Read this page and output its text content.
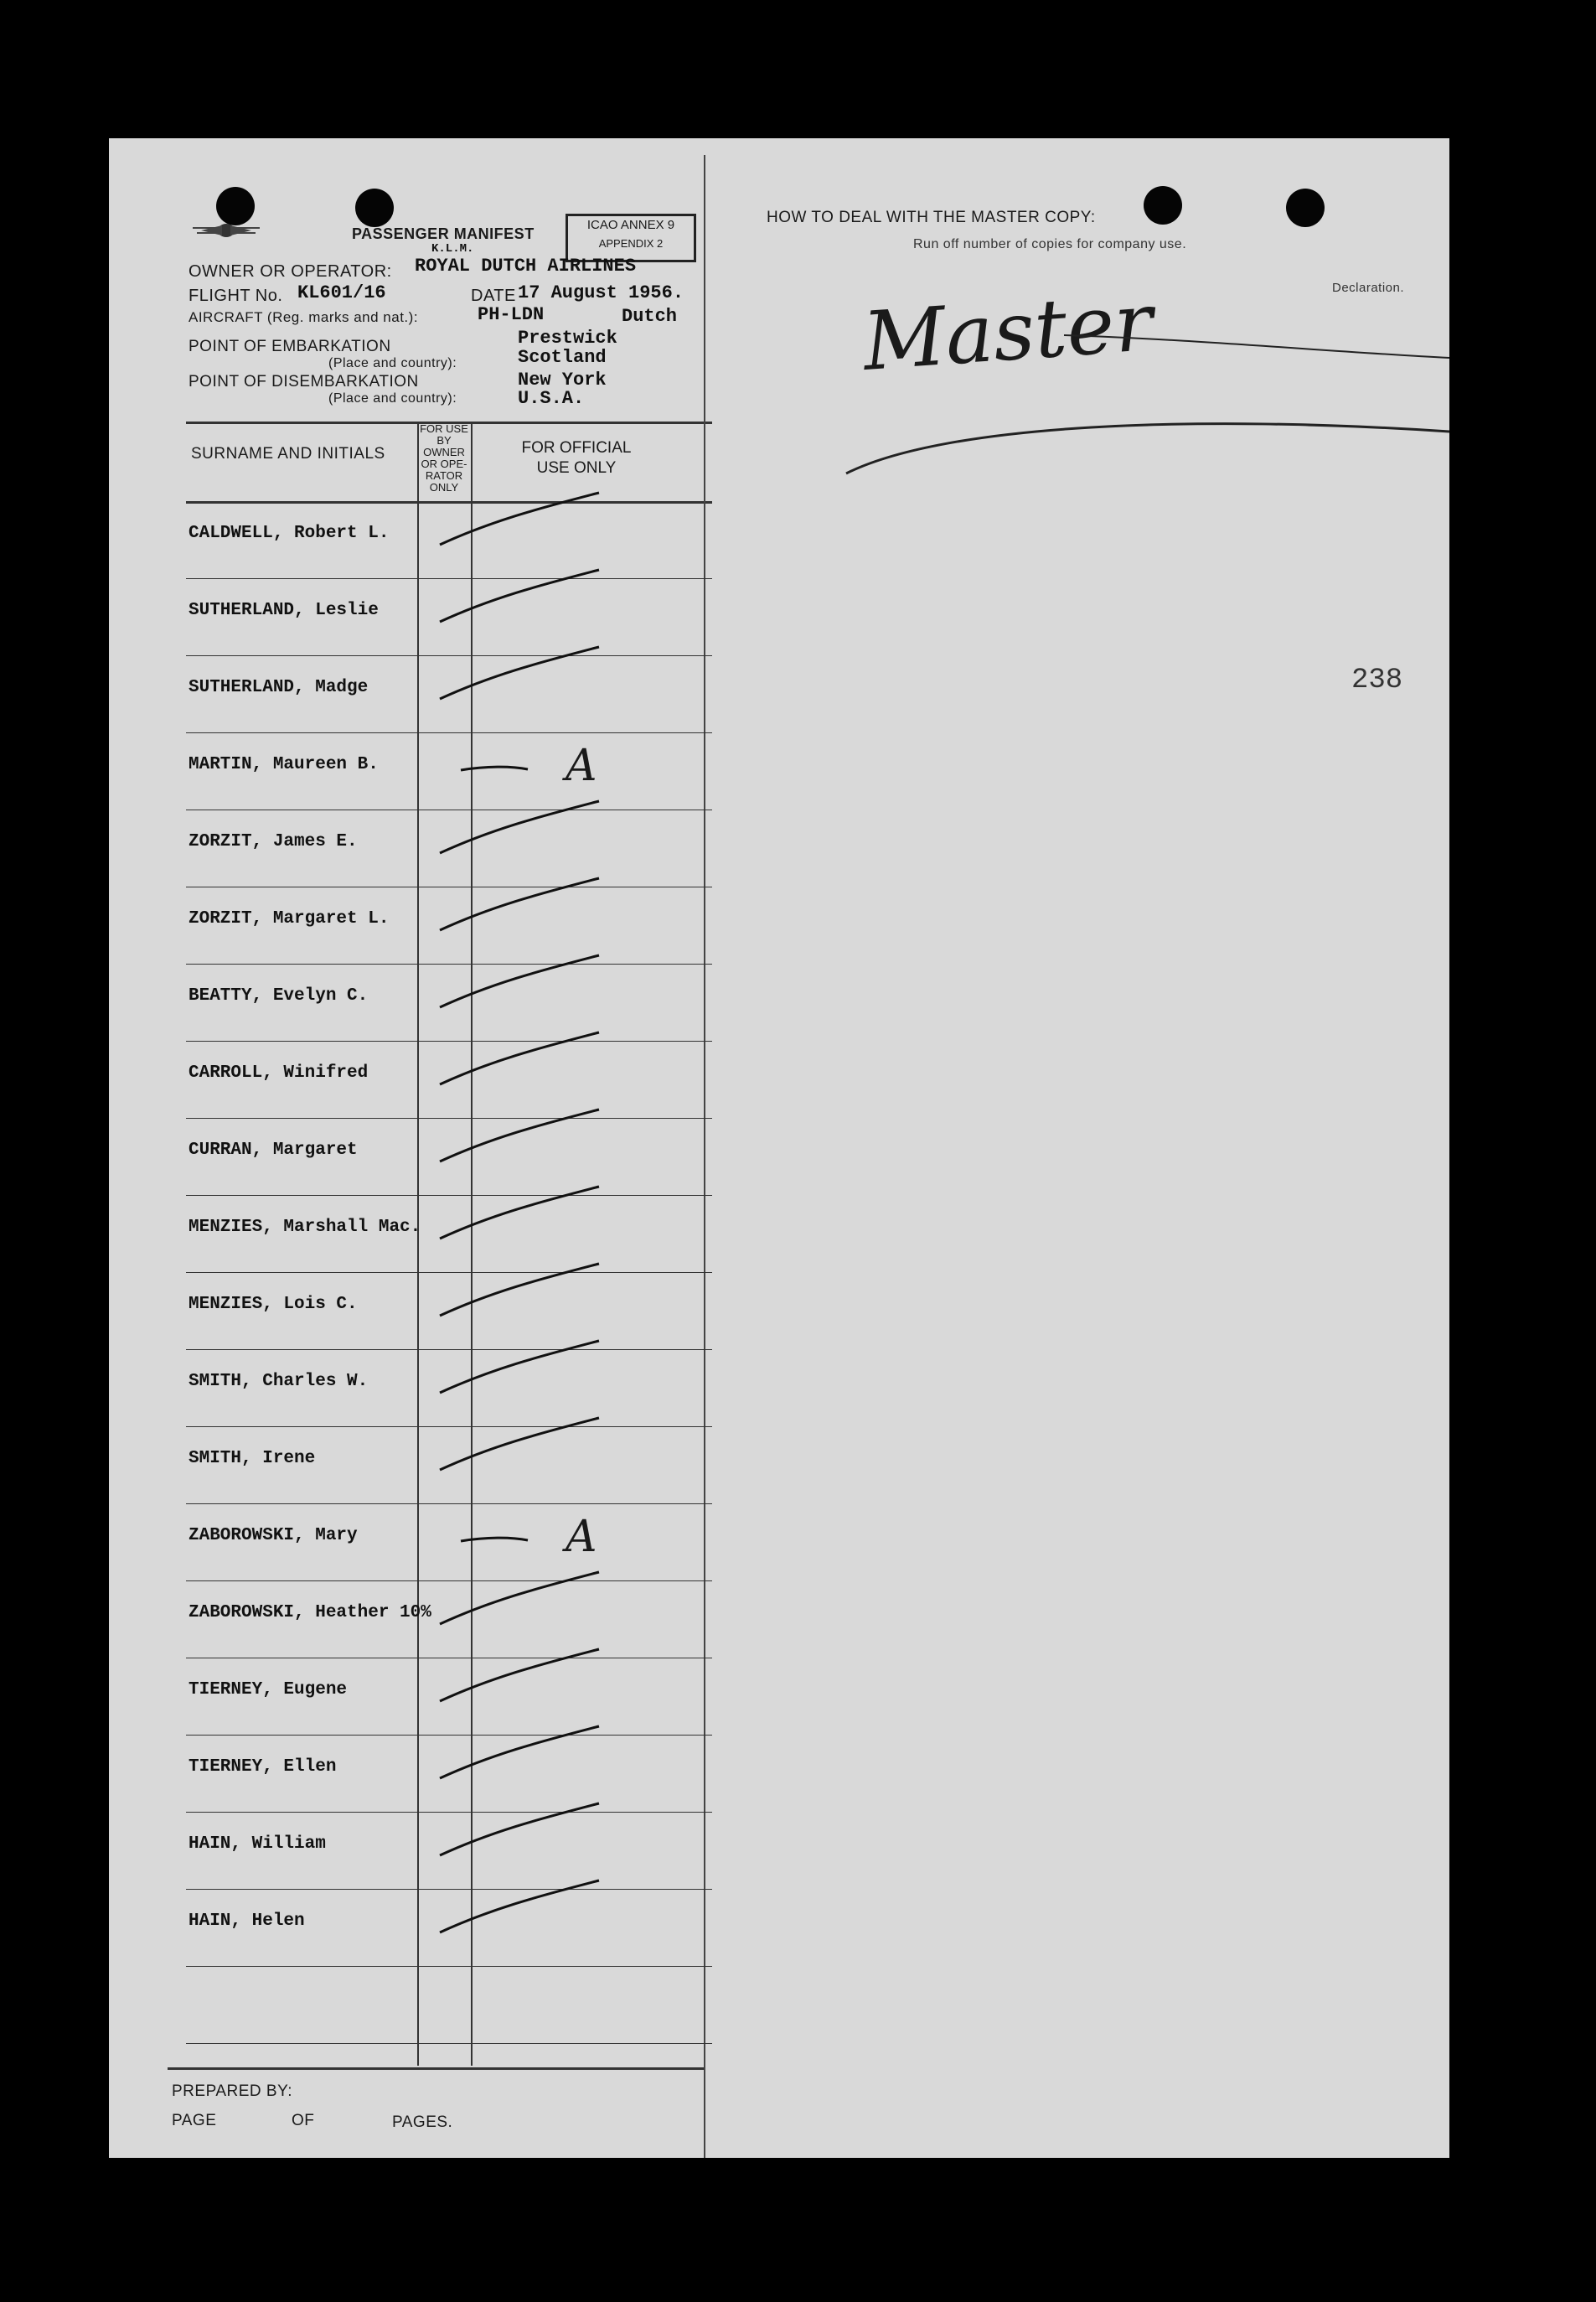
PASSENGER MANIFEST
ICAO ANNEX 9
APPENDIX 2
OWNER OR OPERATOR: ROYAL DUTCH AIRLINES
K.L.M.
FLIGHT No. KL601/16	DATE 17 August 1956.
AIRCRAFT (Reg. marks and nat.):	PH-LDN	Dutch
POINT OF EMBARKATION
(Place and country):
Prestwick
Scotland
POINT OF DISEMBARKATION
(Place and country):
New York
U.S.A.
SURNAME AND INITIALS
FOR USE BY OWNER OR OPE-RATOR ONLY
FOR OFFICIAL USE ONLY
CALDWELL, Robert L.
SUTHERLAND, Leslie
SUTHERLAND, Madge
MARTIN, Maureen B.	A
ZORZIT, James E.
ZORZIT, Margaret L.
BEATTY, Evelyn C.
CARROLL, Winifred
CURRAN, Margaret
MENZIES, Marshall Mac.
MENZIES, Lois C.
SMITH, Charles W.
SMITH, Irene
ZABOROWSKI, Mary	A
ZABOROWSKI, Heather 10%
TIERNEY, Eugene
TIERNEY, Ellen
HAIN, William
HAIN, Helen
PREPARED BY:
PAGE	OF	PAGES.
HOW TO DEAL WITH THE MASTER COPY:
Run off number of copies for company use.
Declaration.
Master
238
